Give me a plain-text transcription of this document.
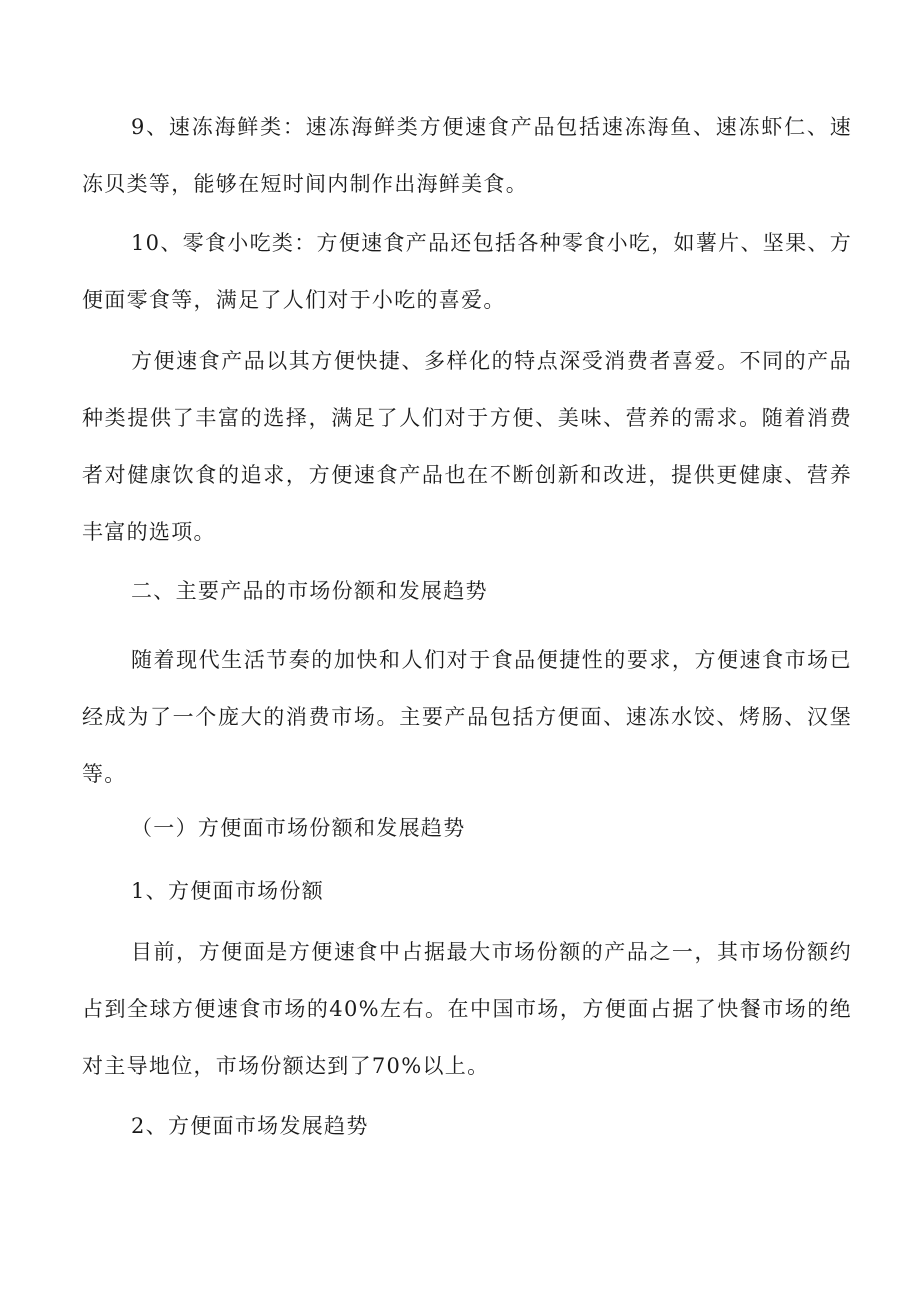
9、速冻海鲜类：速冻海鲜类方便速食产品包括速冻海鱼、速冻虾仁、速冻贝类等，能够在短时间内制作出海鲜美食。

10、零食小吃类：方便速食产品还包括各种零食小吃，如薯片、坚果、方便面零食等，满足了人们对于小吃的喜爱。

方便速食产品以其方便快捷、多样化的特点深受消费者喜爱。不同的产品种类提供了丰富的选择，满足了人们对于方便、美味、营养的需求。随着消费者对健康饮食的追求，方便速食产品也在不断创新和改进，提供更健康、营养丰富的选项。

二、主要产品的市场份额和发展趋势

随着现代生活节奏的加快和人们对于食品便捷性的要求，方便速食市场已经成为了一个庞大的消费市场。主要产品包括方便面、速冻水饺、烤肠、汉堡等。

（一）方便面市场份额和发展趋势

1、方便面市场份额

目前，方便面是方便速食中占据最大市场份额的产品之一，其市场份额约占到全球方便速食市场的40%左右。在中国市场，方便面占据了快餐市场的绝对主导地位，市场份额达到了70%以上。

2、方便面市场发展趋势
